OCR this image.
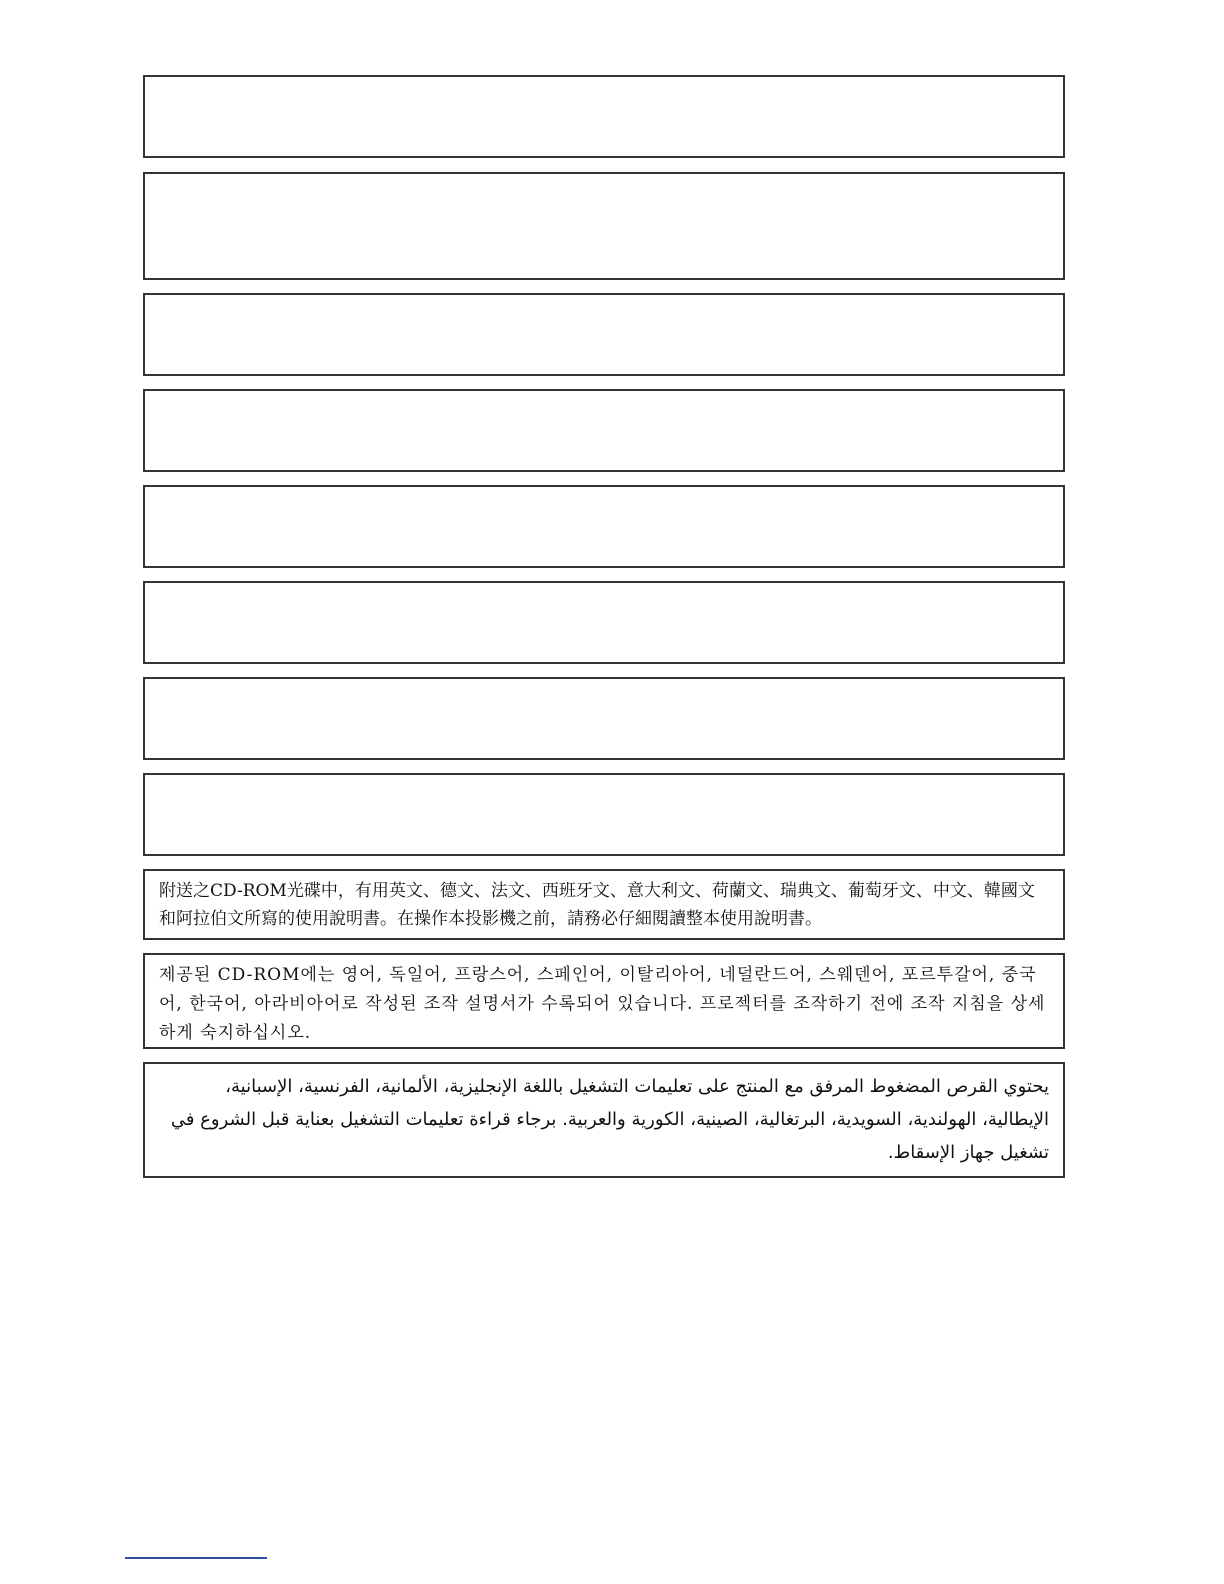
附送之CD-ROM光碟中，有用英文、德文、法文、西班牙文、意大利文、荷蘭文、瑞典文、葡萄牙文、中文、韓國文和阿拉伯文所寫的使用說明書。在操作本投影機之前，請務必仔細閱讀整本使用說明書。

제공된 CD-ROM에는 영어, 독일어, 프랑스어, 스페인어, 이탈리아어, 네덜란드어, 스웨덴어, 포르투갈어, 중국어, 한국어, 아라비아어로 작성된 조작 설명서가 수록되어 있습니다. 프로젝터를 조작하기 전에 조작 지침을 상세하게 숙지하십시오.

يحتوي القرص المضغوط المرفق مع المنتج على تعليمات التشغيل باللغة الإنجليزية، الألمانية، الفرنسية، الإسبانية، الإيطالية، الهولندية، السويدية، البرتغالية، الصينية، الكورية والعربية. برجاء قراءة تعليمات التشغيل بعناية قبل الشروع في تشغيل جهاز الإسقاط.
